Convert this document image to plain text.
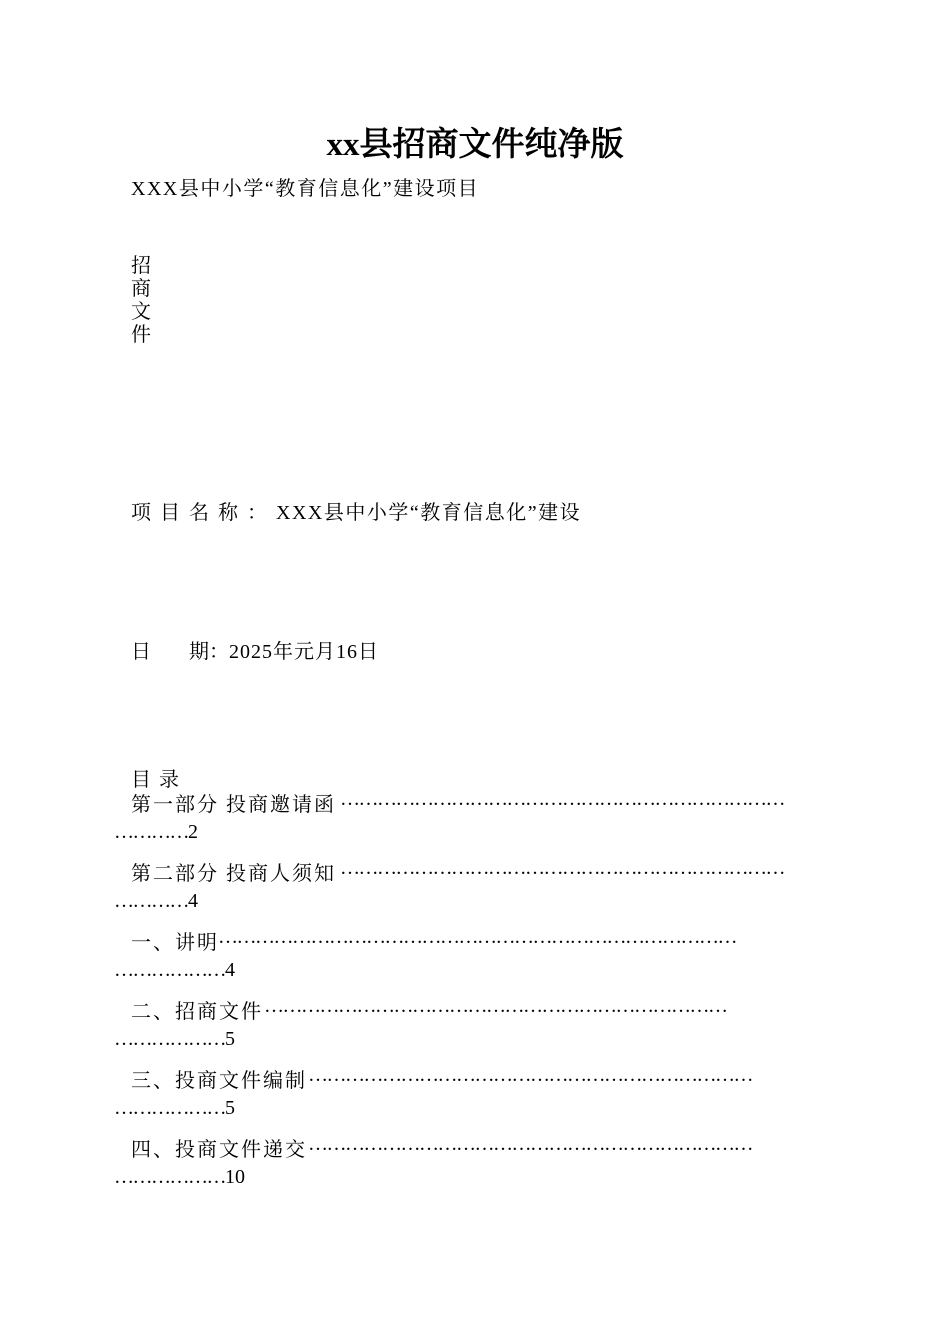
xx县招商文件纯净版
XXX县中小学“教育信息化”建设项目
招商文件
项目名称：XXX县中小学“教育信息化”建设
日 期：2025年元月16日
目录
第一部分 投商邀请函 ………………………………………………………………
…………2
第二部分 投商人须知 ………………………………………………………………
…………4
一、讲明 …………………………………………………………………………
………………4
二、招商文件 …………………………………………………………………
………………5
三、投商文件编制 ………………………………………………………………
………………5
四、投商文件递交 ………………………………………………………………
………………10
